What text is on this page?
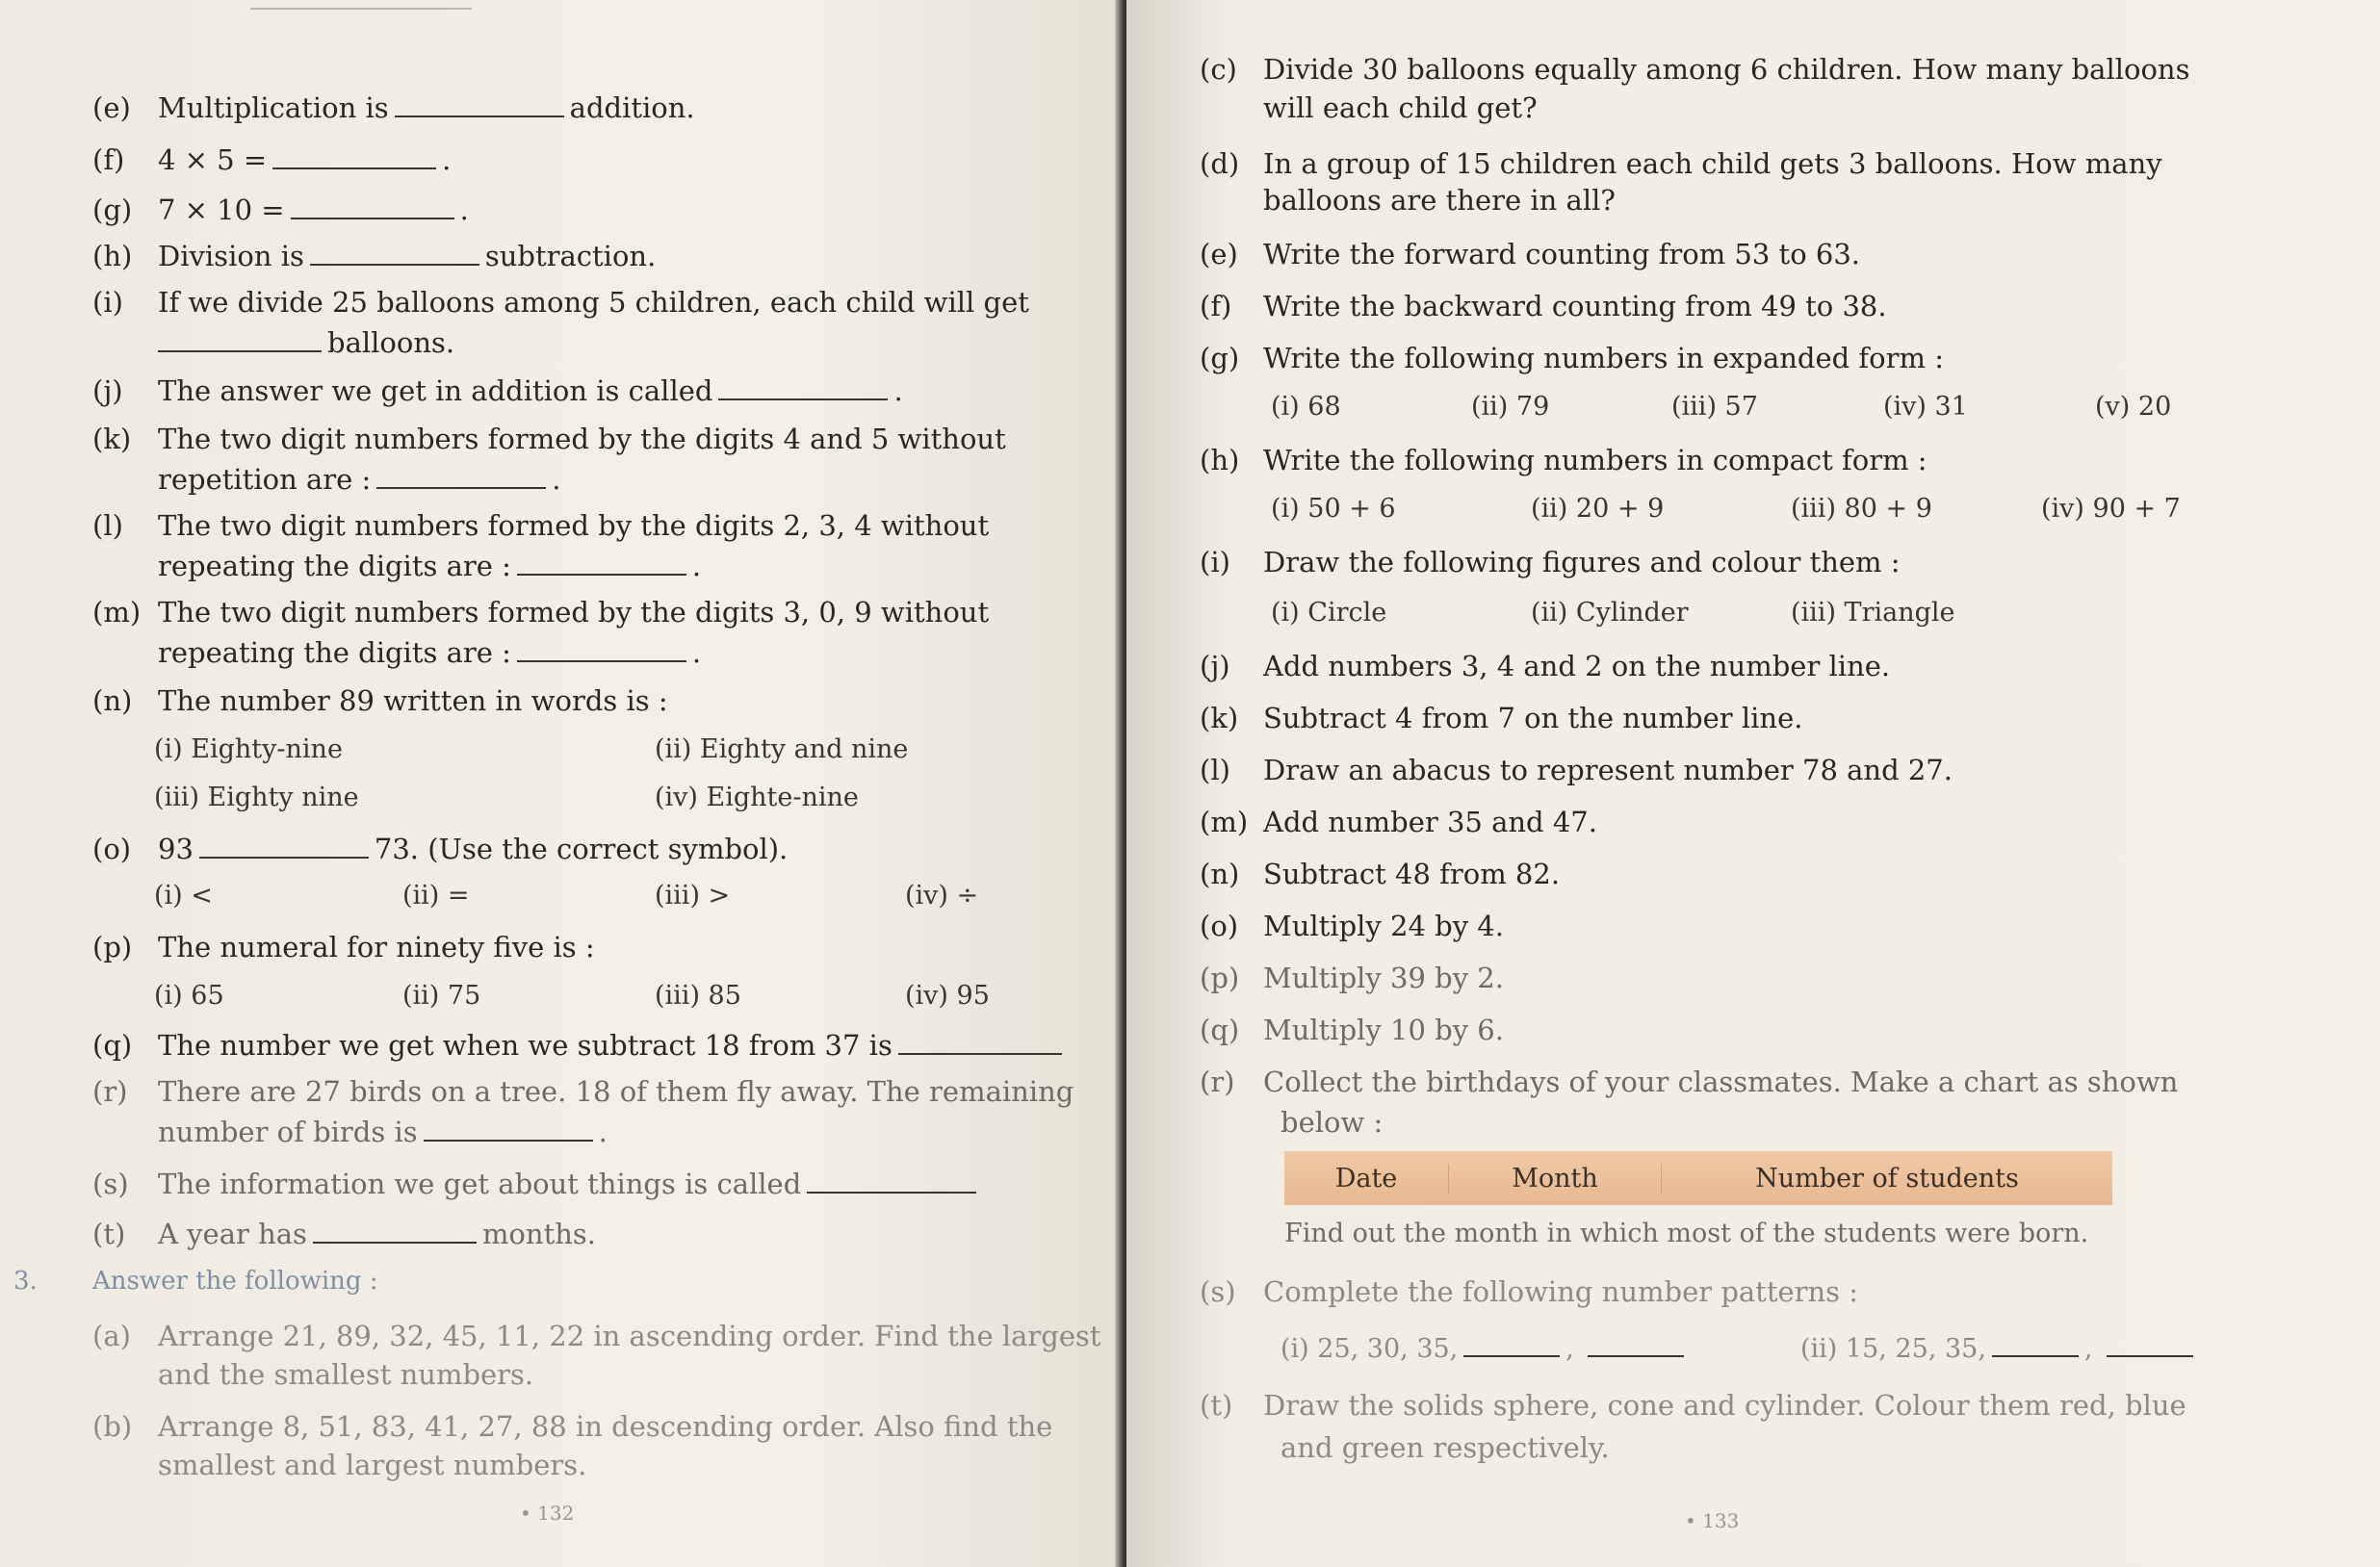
(e) Multiplication is	addition.
(f) 4 × 5 =	.
(g) 7 × 10 =	.
(h) Division is	subtraction.
(i) If we divide 25 balloons among 5 children, each child will get
balloons.
(j) The answer we get in addition is called	.
(k) The two digit numbers formed by the digits 4 and 5 without
repetition are :	.
(l) The two digit numbers formed by the digits 2, 3, 4 without
repeating the digits are :	.
(m) The two digit numbers formed by the digits 3, 0, 9 without
repeating the digits are :	.
(n) The number 89 written in words is :
(i) Eighty-nine	(ii) Eighty and nine
(iii) Eighty nine	(iv) Eighte-nine
(o) 93	73. (Use the correct symbol).
(i) <	(ii) =	(iii) >	(iv) ÷
(p) The numeral for ninety five is :
(i) 65	(ii) 75	(iii) 85	(iv) 95
(q) The number we get when we subtract 18 from 37 is
(r) There are 27 birds on a tree. 18 of them fly away. The remaining
number of birds is	.
(s) The information we get about things is called
(t) A year has	months.
3. Answer the following :
(a) Arrange 21, 89, 32, 45, 11, 22 in ascending order. Find the largest
and the smallest numbers.
(b) Arrange 8, 51, 83, 41, 27, 88 in descending order. Also find the
smallest and largest numbers.
• 132
(c) Divide 30 balloons equally among 6 children. How many balloons
will each child get?
(d) In a group of 15 children each child gets 3 balloons. How many
balloons are there in all?
(e) Write the forward counting from 53 to 63.
(f) Write the backward counting from 49 to 38.
(g) Write the following numbers in expanded form :
(i) 68	(ii) 79	(iii) 57	(iv) 31	(v) 20
(h) Write the following numbers in compact form :
(i) 50 + 6	(ii) 20 + 9	(iii) 80 + 9	(iv) 90 + 7
(i) Draw the following figures and colour them :
(i) Circle	(ii) Cylinder	(iii) Triangle
(j) Add numbers 3, 4 and 2 on the number line.
(k) Subtract 4 from 7 on the number line.
(l) Draw an abacus to represent number 78 and 27.
(m) Add number 35 and 47.
(n) Subtract 48 from 82.
(o) Multiply 24 by 4.
(p) Multiply 39 by 2.
(q) Multiply 10 by 6.
(r) Collect the birthdays of your classmates. Make a chart as shown
below :
Date	Month	Number of students
Find out the month in which most of the students were born.
(s) Complete the following number patterns :
(i) 25, 30, 35,	,	(ii) 15, 25, 35,	,
(t) Draw the solids sphere, cone and cylinder. Colour them red, blue
and green respectively.
• 133
